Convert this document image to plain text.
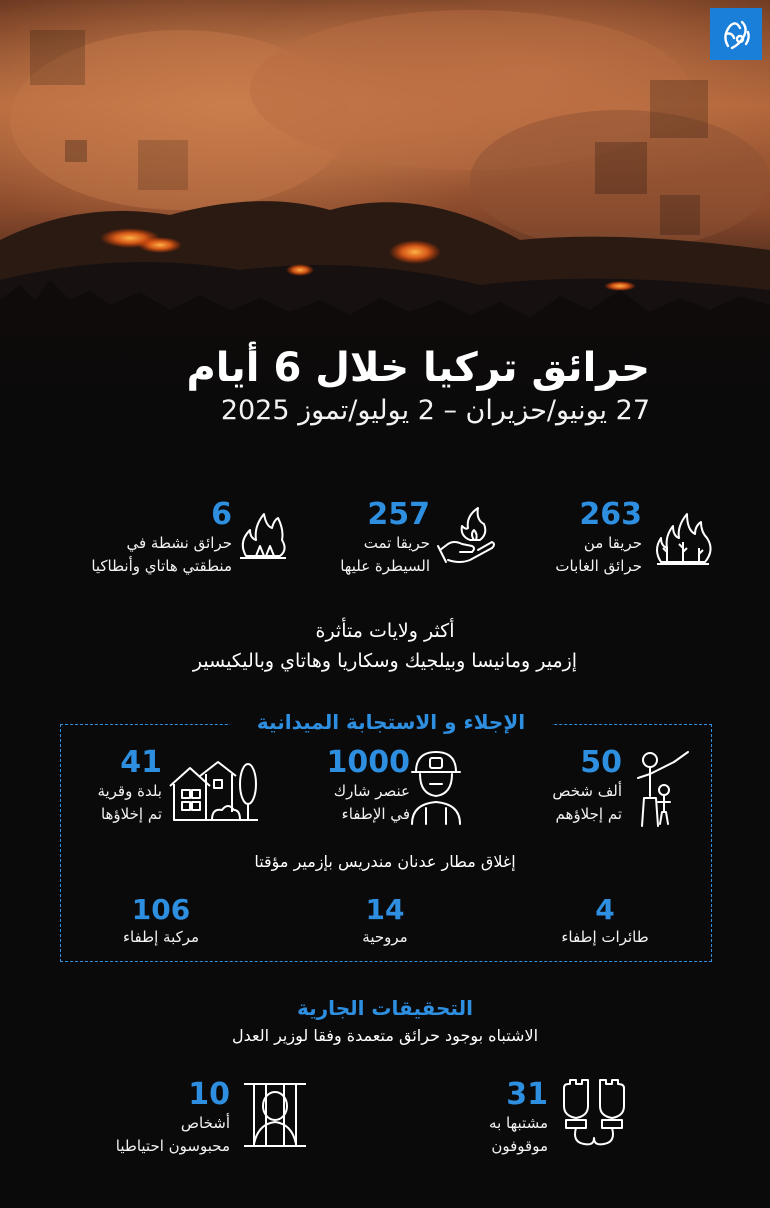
حرائق تركيا خلال 6 أيام
27 يونيو/حزيران – 2 يوليو/تموز 2025
263
حريقا من
حرائق الغابات
257
حريقا تمت
السيطرة عليها
6
حرائق نشطة في
منطقتي هاتاي وأنطاكيا
أكثر ولايات متأثرة
إزمير ومانيسا وبيلجيك وسكاريا وهاتاي وباليكيسير
الإجلاء و الاستجابة الميدانية
50
ألف شخص
تم إجلاؤهم
1000
عنصر شارك
في الإطفاء
41
بلدة وقرية
تم إخلاؤها
إغلاق مطار عدنان مندريس بإزمير مؤقتا
4
طائرات إطفاء
14
مروحية
106
مركبة إطفاء
التحقيقات الجارية
الاشتباه بوجود حرائق متعمدة وفقا لوزير العدل
31
مشتبها به
موقوفون
10
أشخاص
محبوسون احتياطيا
